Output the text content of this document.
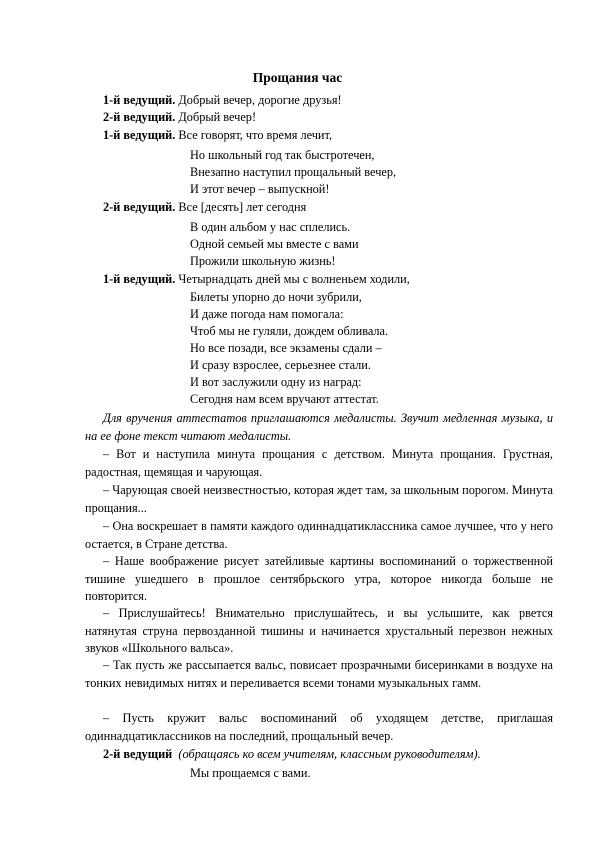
Прощания час
1-й ведущий. Добрый вечер, дорогие друзья!
2-й ведущий. Добрый вечер!
1-й ведущий. Все говорят, что время лечит,
Но школьный год так быстротечен,
Внезапно наступил прощальный вечер,
И этот вечер – выпускной!
2-й ведущий. Все [десять] лет сегодня
В один альбом у нас сплелись.
Одной семьей мы вместе с вами
Прожили школьную жизнь!
1-й ведущий. Четырнадцать дней мы с волненьем ходили,
Билеты упорно до ночи зубрили,
И даже погода нам помогала:
Чтоб мы не гуляли, дождем обливала.
Но все позади, все экзамены сдали –
И сразу взрослее, серьезнее стали.
И вот заслужили одну из наград:
Сегодня нам всем вручают аттестат.
Для вручения аттестатов приглашаются медалисты. Звучит медленная музыка, и на ее фоне текст читают медалисты.
– Вот и наступила минута прощания с детством. Минута прощания. Грустная, радостная, щемящая и чарующая.
– Чарующая своей неизвестностью, которая ждет там, за школьным порогом. Минута прощания...
– Она воскрешает в памяти каждого одиннадцатиклассника самое лучшее, что у него остается, в Стране детства.
– Наше воображение рисует затейливые картины воспоминаний о торжественной тишине ушедшего в прошлое сентябрьского утра, которое никогда больше не повторится.
– Прислушайтесь! Внимательно прислушайтесь, и вы услышите, как рвется натянутая струна первозданной тишины и начинается хрустальный перезвон нежных звуков «Школьного вальса».
– Так пусть же рассыпается вальс, повисает прозрачными бисеринками в воздухе на тонких невидимых нитях и переливается всеми тонами музыкальных гамм.
– Пусть кружит вальс воспоминаний об уходящем детстве, приглашая одиннадцатиклассников на последний, прощальный вечер.
2-й ведущий (обращаясь ко всем учителям, классным руководителям).
Мы прощаемся с вами.
